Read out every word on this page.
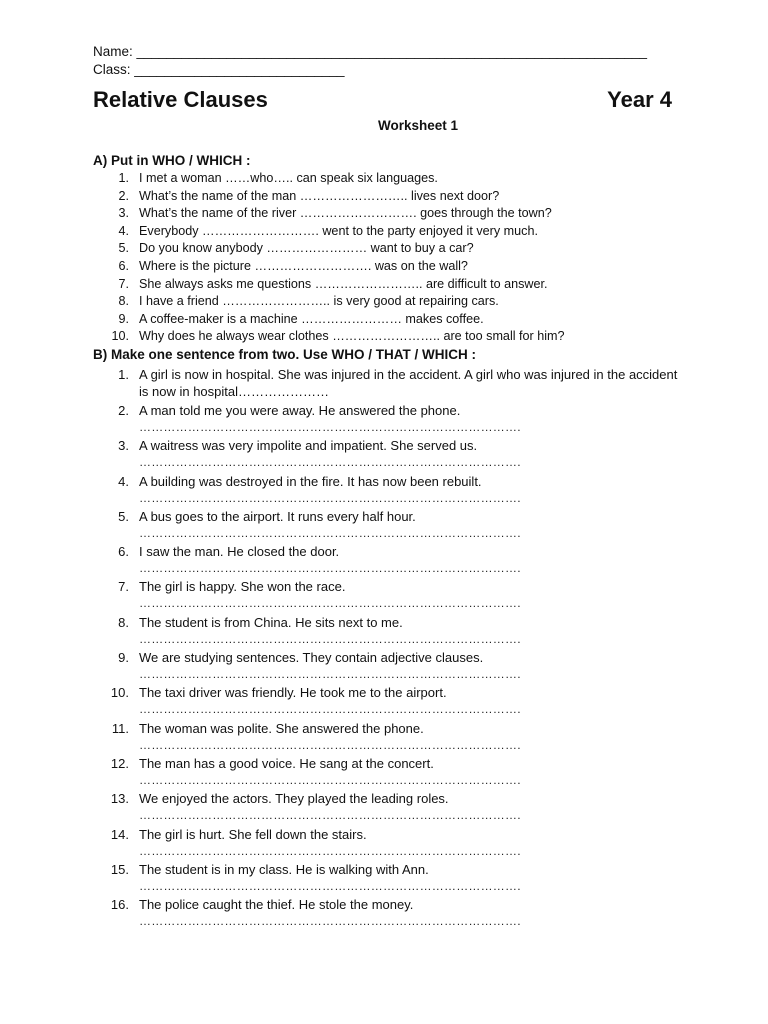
Name: ____________________________________________________________________
Class: ____________________________
Relative Clauses	Year 4
Worksheet 1
A) Put in WHO / WHICH :
1. I met a woman ……who….. can speak six languages.
2. What’s the name of the man …………………….. lives next door?
3. What’s the name of the river ………………………. goes through the town?
4. Everybody ………………………. went to the party enjoyed it very much.
5. Do you know anybody …………………… want to buy a car?
6. Where is the picture ………………………. was on the wall?
7. She always asks me questions …………………….. are difficult to answer.
8. I have a friend …………………….. is very good at repairing cars.
9. A coffee-maker is a machine …………………… makes coffee.
10. Why does he always wear clothes …………………….. are too small for him?
B) Make one sentence from two. Use WHO / THAT / WHICH :
1. A girl is now in hospital. She was injured in the accident. A girl who was injured in the accident is now in hospital…………………
2. A man told me you were away. He answered the phone.
………………………………………………………………………………….
3. A waitress was very impolite and impatient. She served us.
………………………………………………………………………………….
4. A building was destroyed in the fire. It has now been rebuilt.
………………………………………………………………………………….
5. A bus goes to the airport. It runs every half hour.
………………………………………………………………………………….
6. I saw the man. He closed the door.
………………………………………………………………………………….
7. The girl is happy. She won the race.
………………………………………………………………………………….
8. The student is from China. He sits next to me.
………………………………………………………………………………….
9. We are studying sentences. They contain adjective clauses.
………………………………………………………………………………….
10. The taxi driver was friendly. He took me to the airport.
………………………………………………………………………………….
11. The woman was polite. She answered the phone.
………………………………………………………………………………….
12. The man has a good voice. He sang at the concert.
………………………………………………………………………………….
13. We enjoyed the actors. They played the leading roles.
………………………………………………………………………………….
14. The girl is hurt. She fell down the stairs.
………………………………………………………………………………….
15. The student is in my class. He is walking with Ann.
………………………………………………………………………………….
16. The police caught the thief. He stole the money.
………………………………………………………………………………….
